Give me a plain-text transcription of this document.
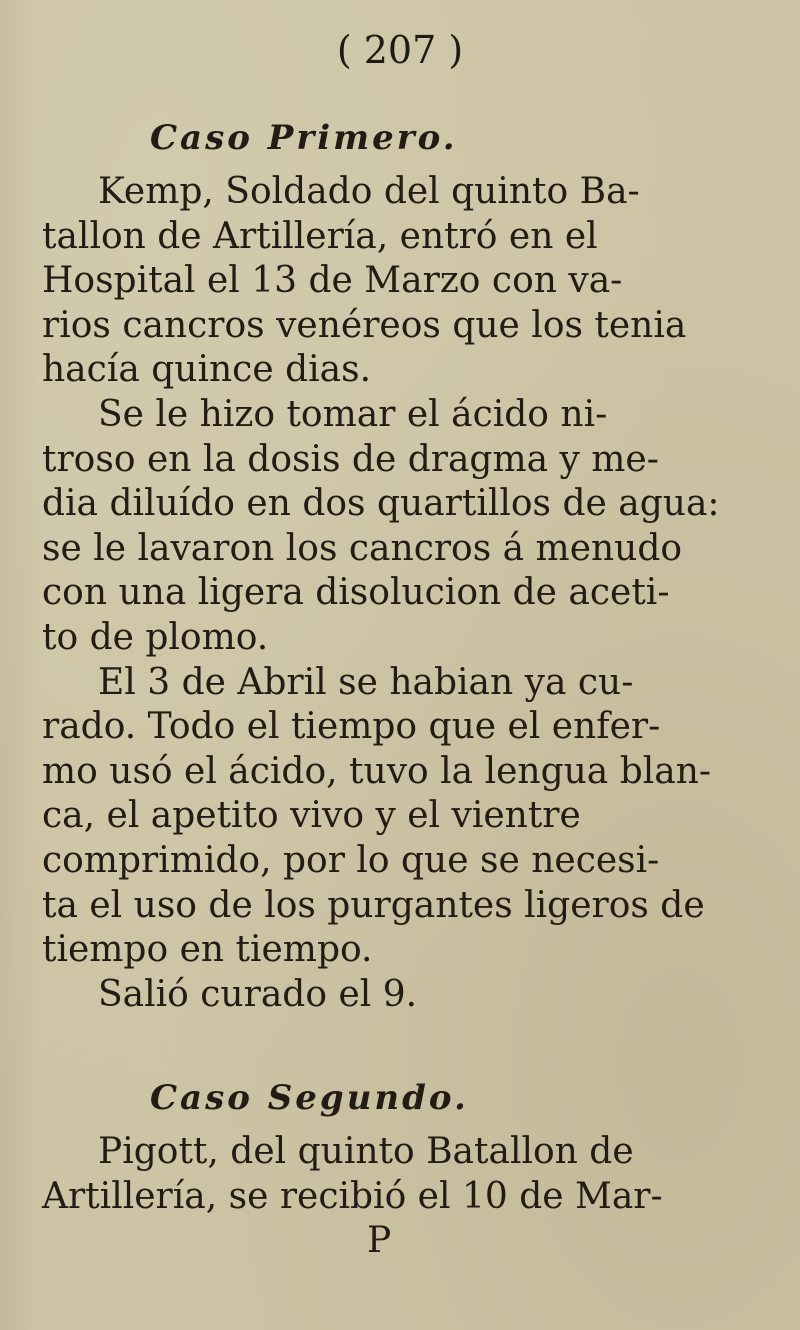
( 207 )
Caso Primero.
Kemp, Soldado del quinto Ba-
tallon de Artillería, entró en el
Hospital el 13 de Marzo con va-
rios cancros venéreos que los tenia
hacía quince dias.
Se le hizo tomar el ácido ni-
troso en la dosis de dragma y me-
dia diluído en dos quartillos de agua:
se le lavaron los cancros á menudo
con una ligera disolucion de aceti-
to de plomo.
El 3 de Abril se habian ya cu-
rado. Todo el tiempo que el enfer-
mo usó el ácido, tuvo la lengua blan-
ca, el apetito vivo y el vientre
comprimido, por lo que se necesi-
ta el uso de los purgantes ligeros de
tiempo en tiempo.
Salió curado el 9.
Caso Segundo.
Pigott, del quinto Batallon de
Artillería, se recibió el 10 de Mar-
P
